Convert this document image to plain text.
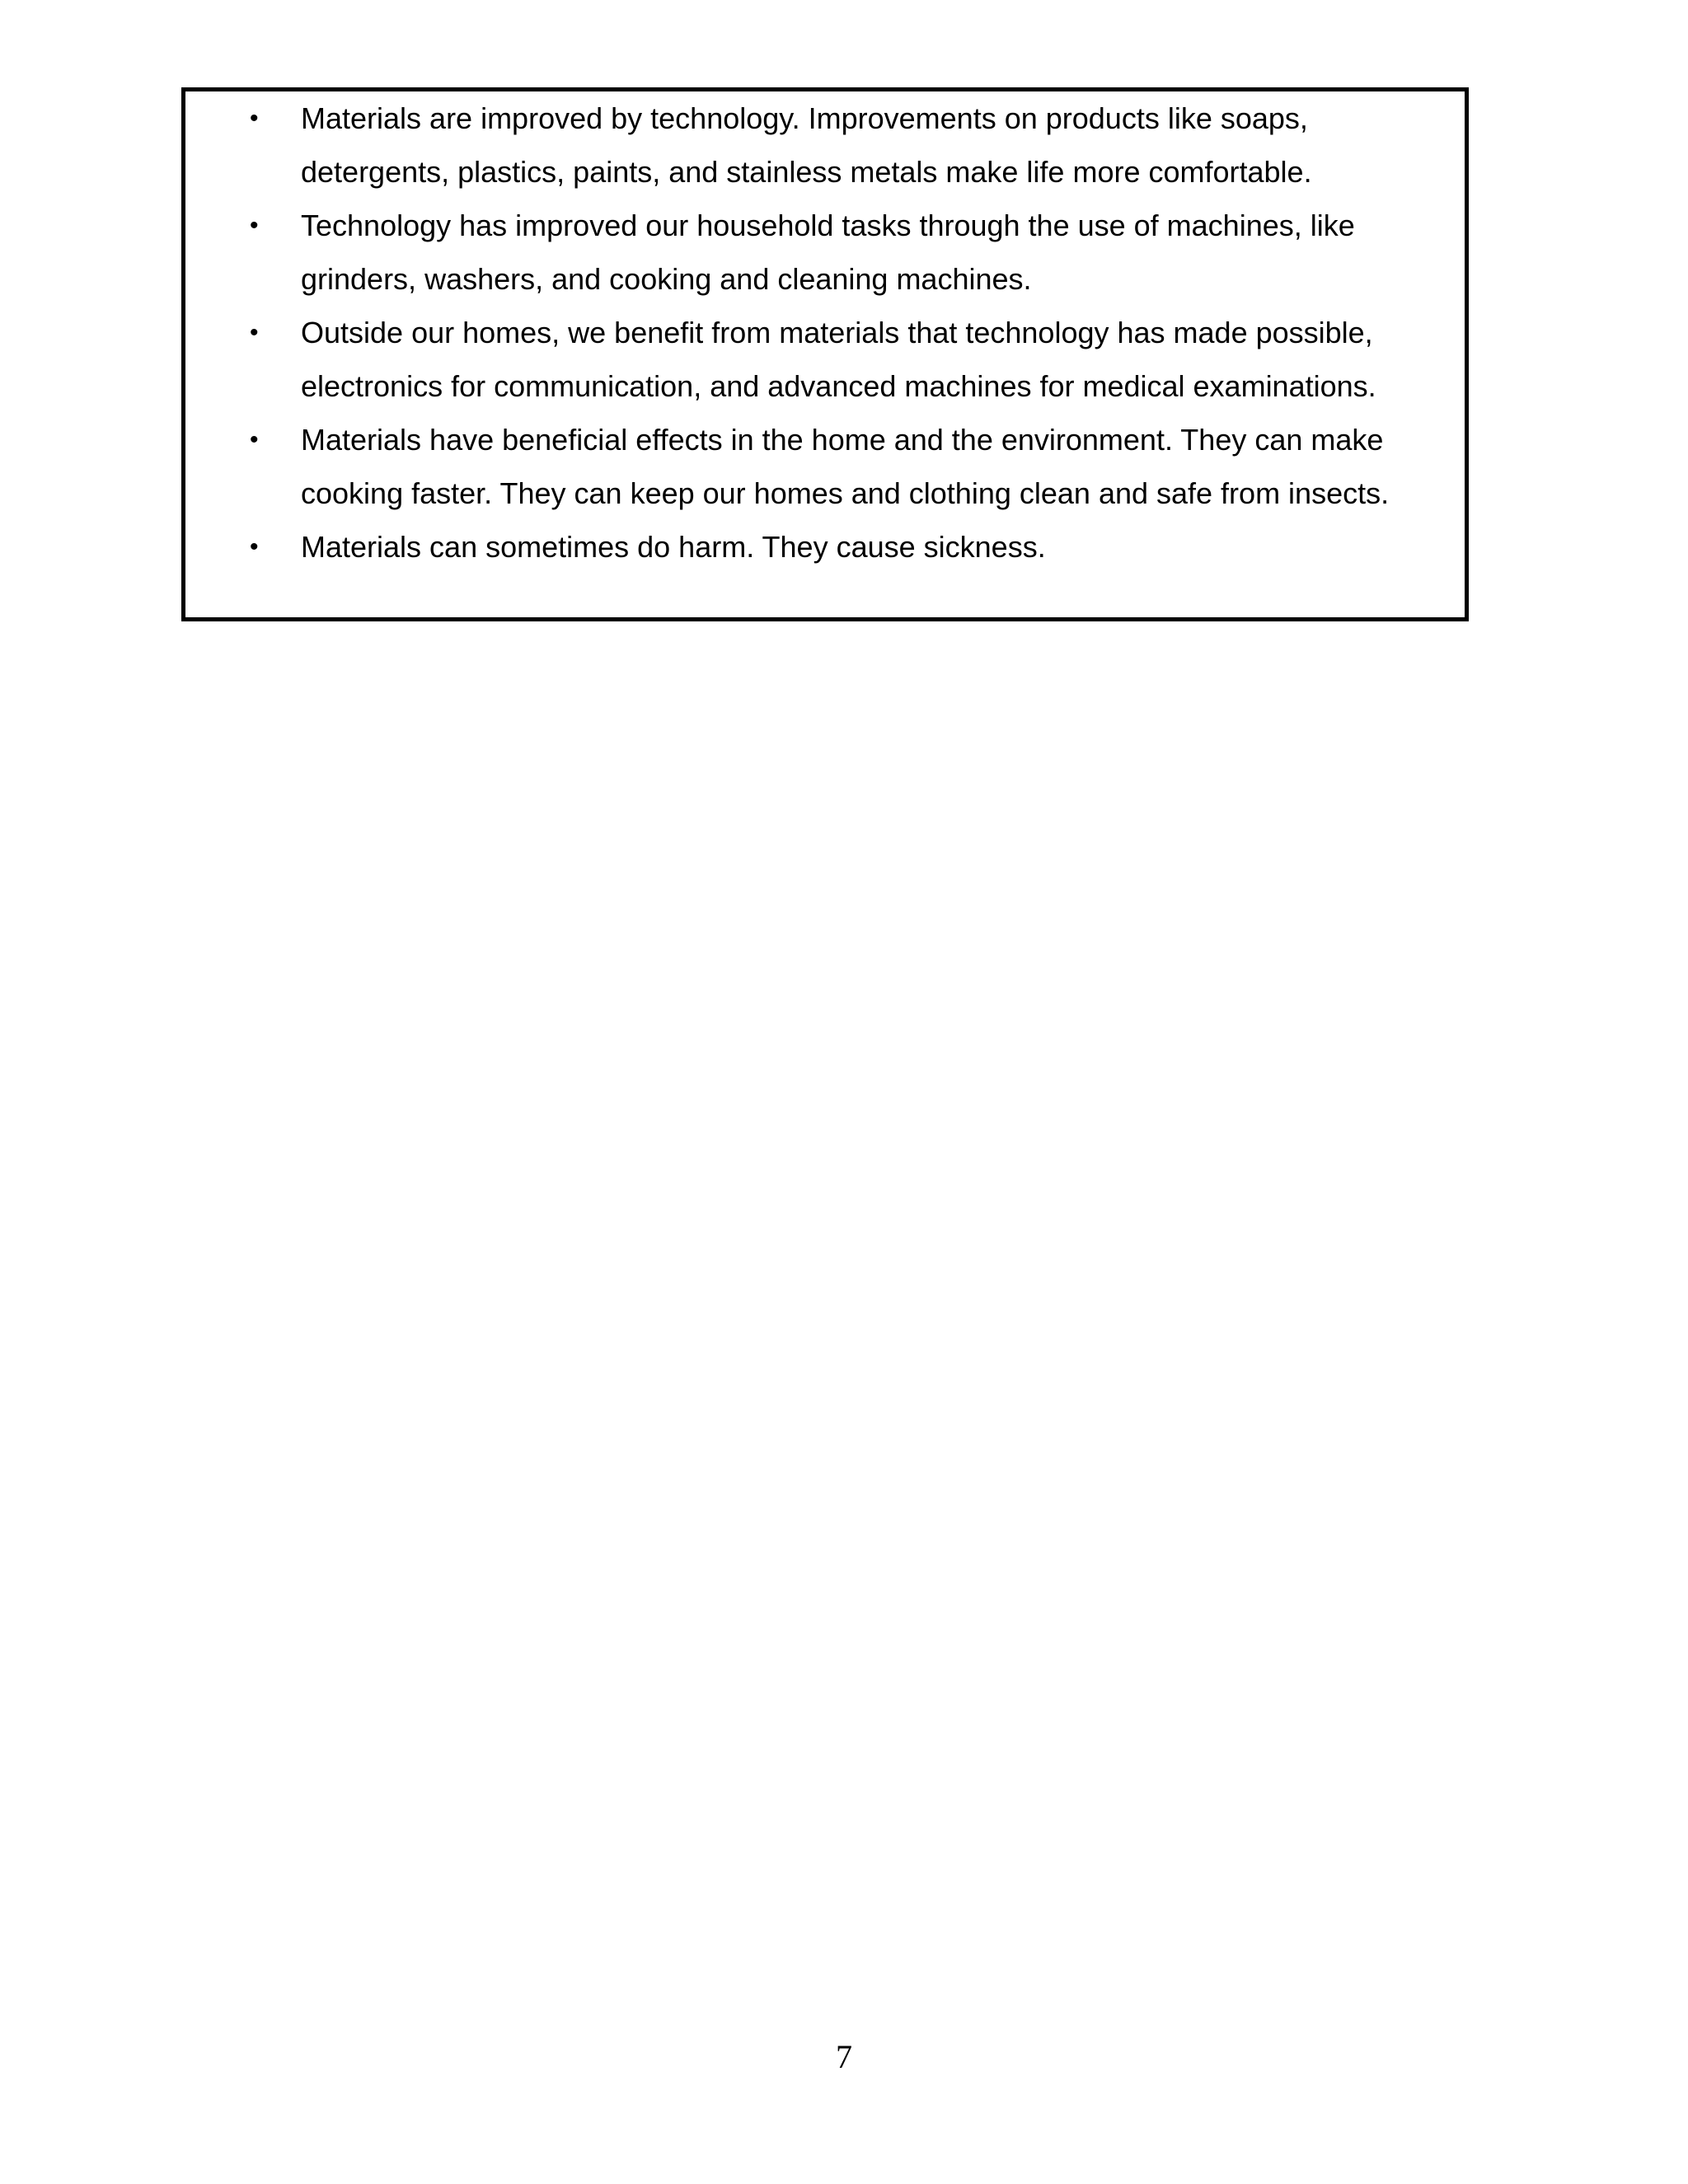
• Materials are improved by technology. Improvements on products like soaps,
detergents, plastics, paints, and stainless metals make life more comfortable.
• Technology has improved our household tasks through the use of machines, like
grinders, washers, and cooking and cleaning machines.
• Outside our homes, we benefit from materials that technology has made possible,
electronics for communication, and advanced machines for medical examinations.
• Materials have beneficial effects in the home and the environment. They can make
cooking faster. They can keep our homes and clothing clean and safe from insects.
• Materials can sometimes do harm. They cause sickness.
7
